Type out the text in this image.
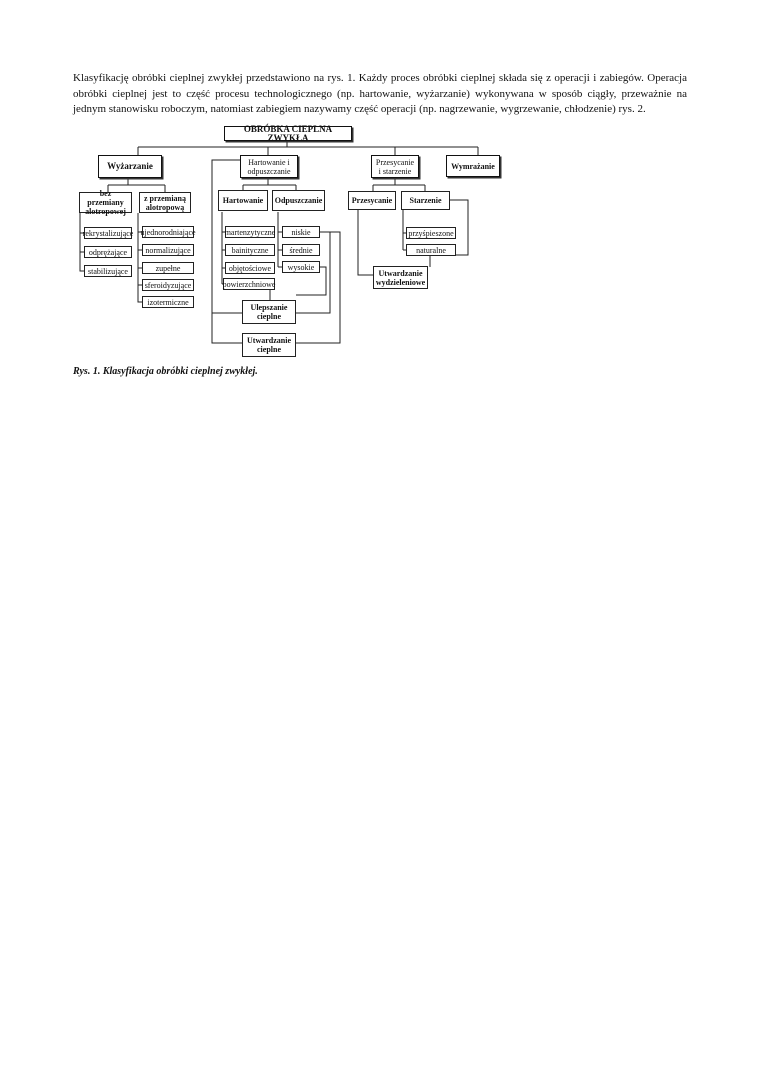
Klasyfikację obróbki cieplnej zwykłej przedstawiono na rys. 1. Każdy proces obróbki cieplnej składa się z operacji i zabiegów. Operacja obróbki cieplnej jest to część procesu technologicznego (np. hartowanie, wyżarzanie) wykonywana w sposób ciągły, przeważnie na jednym stanowisku roboczym, natomiast zabiegiem nazywamy część operacji (np. nagrzewanie, wygrzewanie, chłodzenie) rys. 2.

OBRÓBKA CIEPLNA ZWYKŁA
Wyżarzanie	Hartowanie i odpuszczanie
Przesycanie i starzenie
Wymrażanie
bez przemiany alotropowej
z przemianą alotropową
rekrystalizujące
odprężające
stabilizujące
ujednorodniające
normalizujące
zupełne
sferoidyzujące
izotermiczne
Hartowanie	Odpuszczanie
martenzytyczne
bainityczne
objętościowe
powierzchniowe
niskie
średnie
wysokie
Ulepszanie cieplne
Utwardzanie cieplne
Przesycanie	Starzenie
przyśpieszone
naturalne
Utwardzanie wydzieleniowe

Rys. 1. Klasyfikacja obróbki cieplnej zwykłej.
